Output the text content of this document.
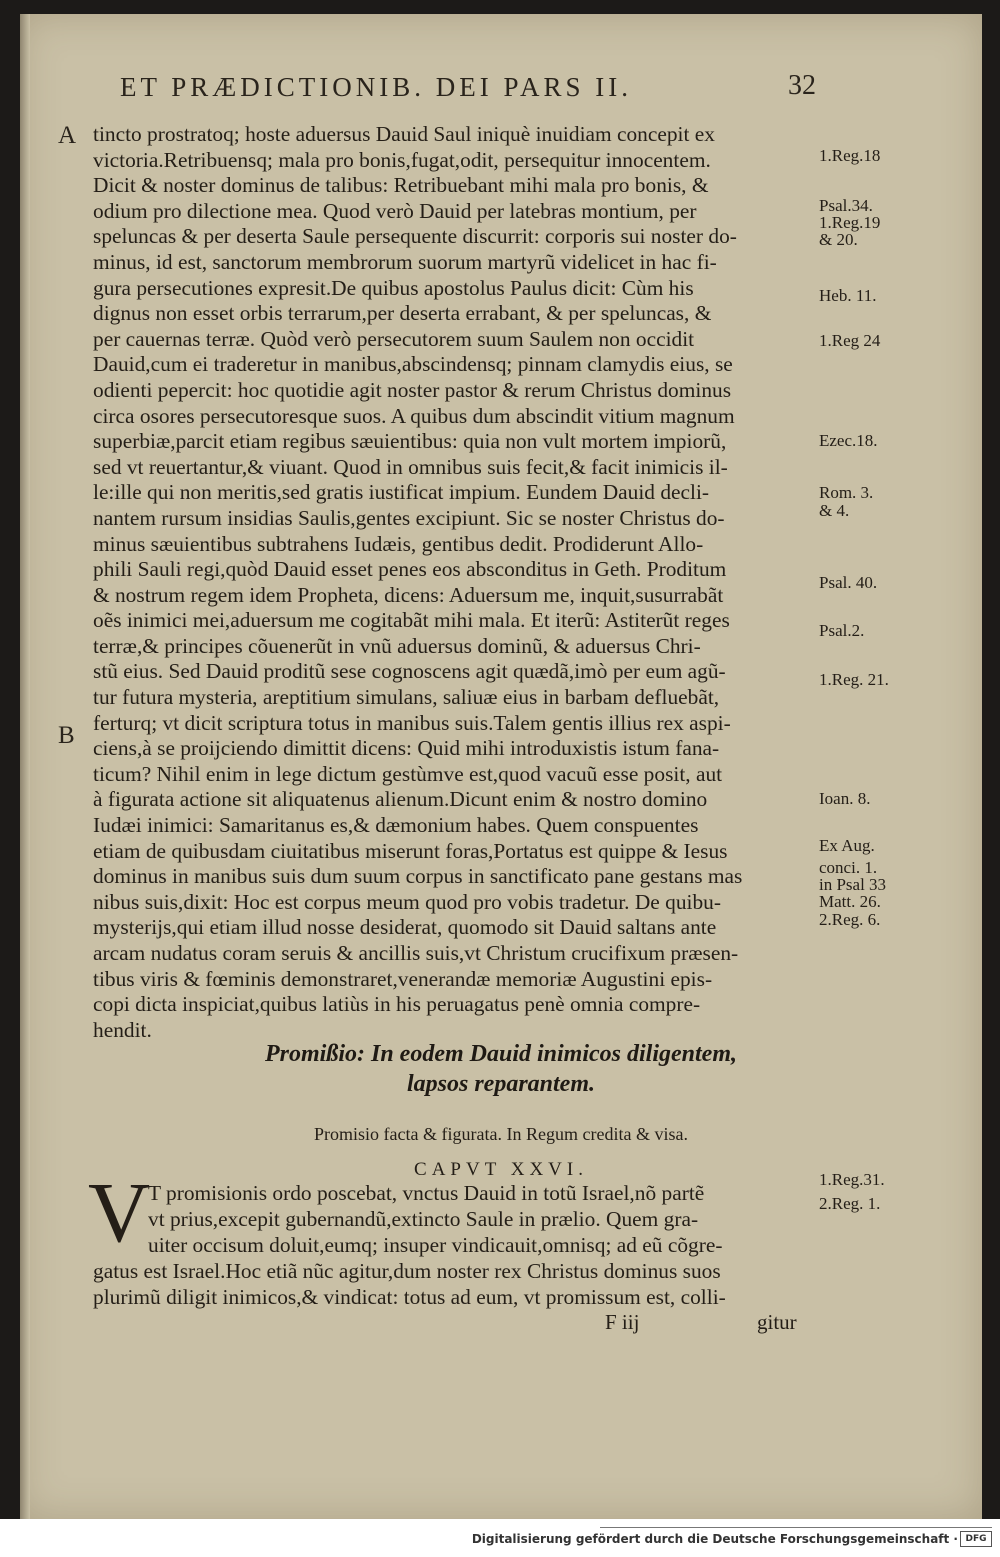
ET PRÆDICTIONIB. DEI PARS II.	32
A
B
tincto prostratoq; hoste aduersus Dauid Saul iniquè inuidiam concepit ex
victoria.Retribuensq; mala pro bonis,fugat,odit, persequitur innocentem.
Dicit & noster dominus de talibus: Retribuebant mihi mala pro bonis, &
odium pro dilectione mea. Quod verò Dauid per latebras montium, per
speluncas & per deserta Saule persequente discurrit: corporis sui noster do-
minus, id est, sanctorum membrorum suorum martyrũ videlicet in hac fi-
gura persecutiones expresit.De quibus apostolus Paulus dicit: Cùm his
dignus non esset orbis terrarum,per deserta errabant, & per speluncas, &
per cauernas terræ. Quòd verò persecutorem suum Saulem non occidit
Dauid,cum ei traderetur in manibus,abscindensq; pinnam clamydis eius, se
odienti pepercit: hoc quotidie agit noster pastor & rerum Christus dominus
circa osores persecutoresque suos. A quibus dum abscindit vitium magnum
superbiæ,parcit etiam regibus sæuientibus: quia non vult mortem impiorũ,
sed vt reuertantur,& viuant. Quod in omnibus suis fecit,& facit inimicis il-
le:ille qui non meritis,sed gratis iustificat impium. Eundem Dauid decli-
nantem rursum insidias Saulis,gentes excipiunt. Sic se noster Christus do-
minus sæuientibus subtrahens Iudæis, gentibus dedit. Prodiderunt Allo-
phili Sauli regi,quòd Dauid esset penes eos absconditus in Geth. Proditum
& nostrum regem idem Propheta, dicens: Aduersum me, inquit,susurrabãt
oẽs inimici mei,aduersum me cogitabãt mihi mala. Et iterũ: Astiterũt reges
terræ,& principes cõuenerũt in vnũ aduersus dominũ, & aduersus Chri-
stũ eius. Sed Dauid proditũ sese cognoscens agit quædã,imò per eum agũ-
tur futura mysteria, areptitium simulans, saliuæ eius in barbam defluebãt,
ferturq; vt dicit scriptura totus in manibus suis.Talem gentis illius rex aspi-
ciens,à se proijciendo dimittit dicens: Quid mihi introduxistis istum fana-
ticum? Nihil enim in lege dictum gestùmve est,quod vacuũ esse posit, aut
à figurata actione sit aliquatenus alienum.Dicunt enim & nostro domino
Iudæi inimici: Samaritanus es,& dæmonium habes. Quem conspuentes
etiam de quibusdam ciuitatibus miserunt foras,Portatus est quippe & Iesus
dominus in manibus suis dum suum corpus in sanctificato pane gestans mas
nibus suis,dixit: Hoc est corpus meum quod pro vobis tradetur. De quibu-
mysterijs,qui etiam illud nosse desiderat, quomodo sit Dauid saltans ante
arcam nudatus coram seruis & ancillis suis,vt Christum crucifixum præsen-
tibus viris & fœminis demonstraret,venerandæ memoriæ Augustini epis-
copi dicta inspiciat,quibus latiùs in his peruagatus penè omnia compre-
hendit.
1.Reg.18
Psal.34.
1.Reg.19
& 20.
Heb. 11.
1.Reg 24
Ezec.18.
Rom. 3.
& 4.
Psal. 40.
Psal.2.
1.Reg. 21.
Ioan. 8.
Ex Aug.
conci. 1.
in Psal 33
Matt. 26.
2.Reg. 6.
1.Reg.31.
2.Reg. 1.
Promißio: In eodem Dauid inimicos diligentem,
lapsos reparantem.
Promisio facta & figurata. In Regum credita & visa.
CAPVT XXVI.
V
T promisionis ordo poscebat, vnctus Dauid in totũ Israel,nõ partẽ
vt prius,excepit gubernandũ,extincto Saule in prælio. Quem gra-
uiter occisum doluit,eumq; insuper vindicauit,omnisq; ad eũ cõgre-
gatus est Israel.Hoc etiã nũc agitur,dum noster rex Christus dominus suos
plurimũ diligit inimicos,& vindicat: totus ad eum, vt promissum est, colli-
F iij	gitur
Digitalisierung gefördert durch die Deutsche Forschungsgemeinschaft · DFG
